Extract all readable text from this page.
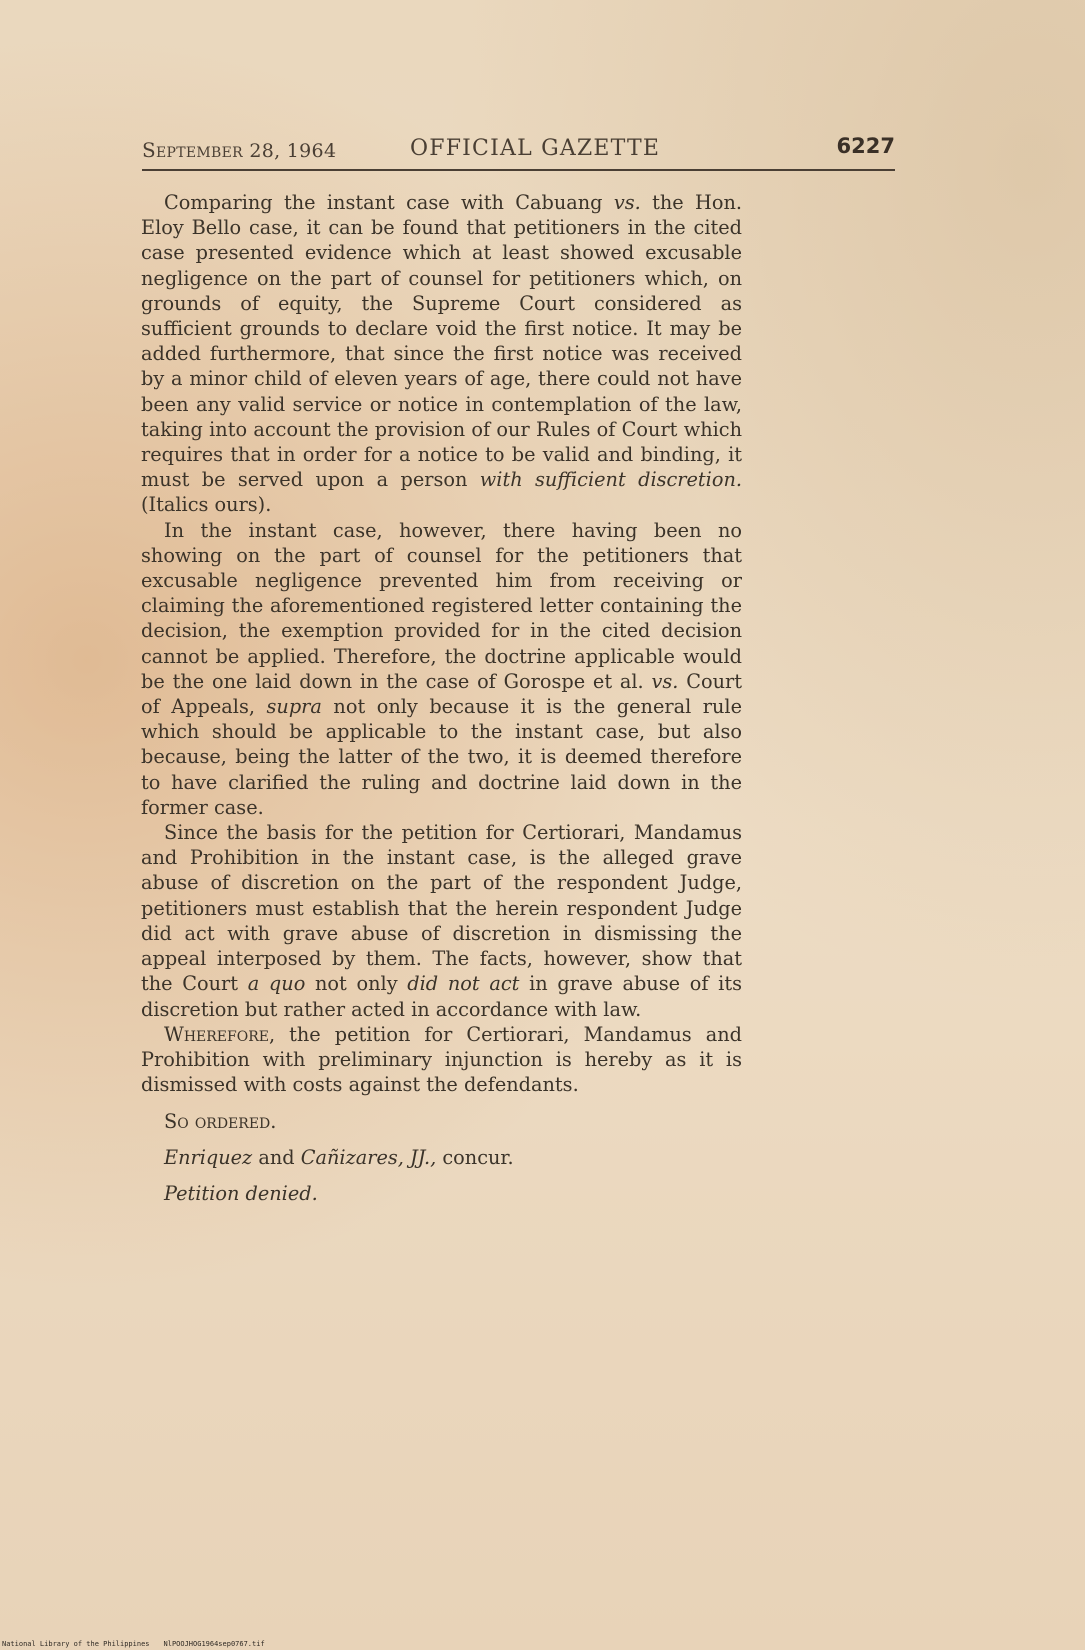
September 28, 1964	OFFICIAL GAZETTE	6227

Comparing the instant case with Cabuang vs. the Hon. Eloy Bello case, it can be found that petitioners in the cited case presented evidence which at least showed excusable negligence on the part of counsel for petitioners which, on grounds of equity, the Supreme Court considered as sufficient grounds to declare void the first notice. It may be added furthermore, that since the first notice was received by a minor child of eleven years of age, there could not have been any valid service or notice in contemplation of the law, taking into account the provision of our Rules of Court which requires that in order for a notice to be valid and binding, it must be served upon a person with sufficient discretion. (Italics ours).

In the instant case, however, there having been no showing on the part of counsel for the petitioners that excusable negligence prevented him from receiving or claiming the aforementioned registered letter containing the decision, the exemption provided for in the cited decision cannot be applied. Therefore, the doctrine applicable would be the one laid down in the case of Gorospe et al. vs. Court of Appeals, supra not only because it is the general rule which should be applicable to the instant case, but also because, being the latter of the two, it is deemed therefore to have clarified the ruling and doctrine laid down in the former case.

Since the basis for the petition for Certiorari, Mandamus and Prohibition in the instant case, is the alleged grave abuse of discretion on the part of the respondent Judge, petitioners must establish that the herein respondent Judge did act with grave abuse of discretion in dismissing the appeal interposed by them. The facts, however, show that the Court a quo not only did not act in grave abuse of its discretion but rather acted in accordance with law.

Wherefore, the petition for Certiorari, Mandamus and Prohibition with preliminary injunction is hereby as it is dismissed with costs against the defendants.

So ordered.
Enriquez and Cañizares, JJ., concur.
Petition denied.
National Library of the Philippines NlPOOJHOG1964sep0767.tif
